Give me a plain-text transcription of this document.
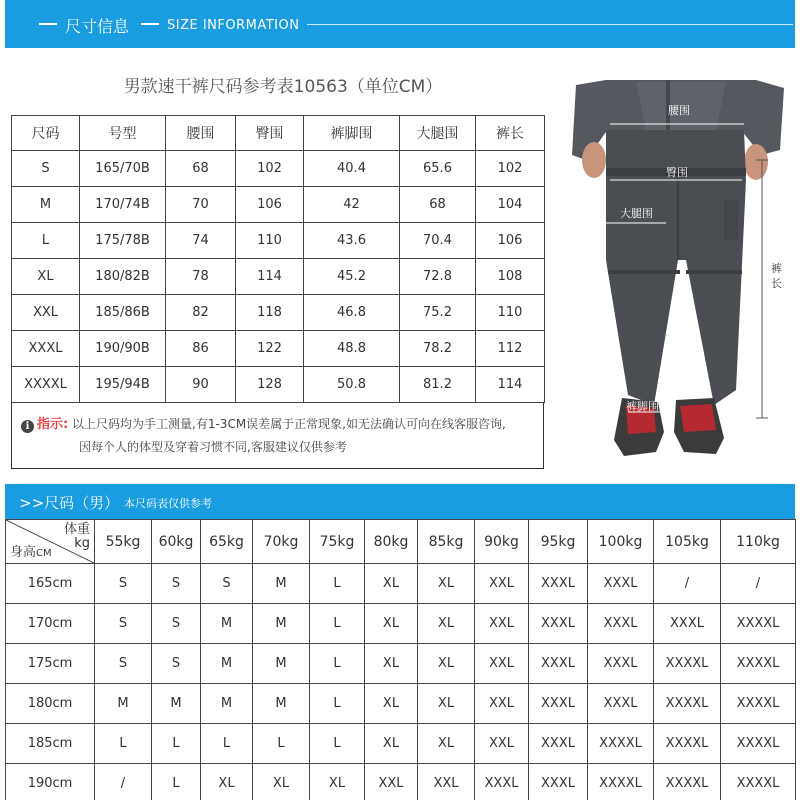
尺寸信息	SIZE INFORMATION
男款速干裤尺码参考表10563（单位CM）
尺码	号型	腰围	臀围	裤脚围	大腿围	裤长
S	165/70B	68	102	40.4	65.6	102
M	170/74B	70	106	42	68	104
L	175/78B	74	110	43.6	70.4	106
XL	180/82B	78	114	45.2	72.8	108
XXL	185/86B	82	118	46.8	75.2	110
XXXL	190/90B	86	122	48.8	78.2	112
XXXXL	195/94B	90	128	50.8	81.2	114
i 指示: 以上尺码均为手工测量,有1-3CM误差属于正常现象,如无法确认可向在线客服咨询,
因每个人的体型及穿着习惯不同,客服建议仅供参考
腰围
臀围
大腿围
裤
长
裤脚围
>>尺码（男） 本尺码表仅供参考
体重
kg
身高CM	55kg	60kg	65kg	70kg	75kg	80kg	85kg	90kg	95kg	100kg	105kg	110kg
165cm	S	S	S	M	L	XL	XL	XXL	XXXL	XXXL	/	/
170cm	S	S	M	M	L	XL	XL	XXL	XXXL	XXXL	XXXL	XXXXL
175cm	S	S	M	M	L	XL	XL	XXL	XXXL	XXXL	XXXXL	XXXXL
180cm	M	M	M	M	L	XL	XL	XXL	XXXL	XXXL	XXXXL	XXXXL
185cm	L	L	L	L	L	XL	XL	XXL	XXXL	XXXXL	XXXXL	XXXXL
190cm	/	L	XL	XL	XL	XXL	XXL	XXXL	XXXL	XXXXL	XXXXL	XXXXL
